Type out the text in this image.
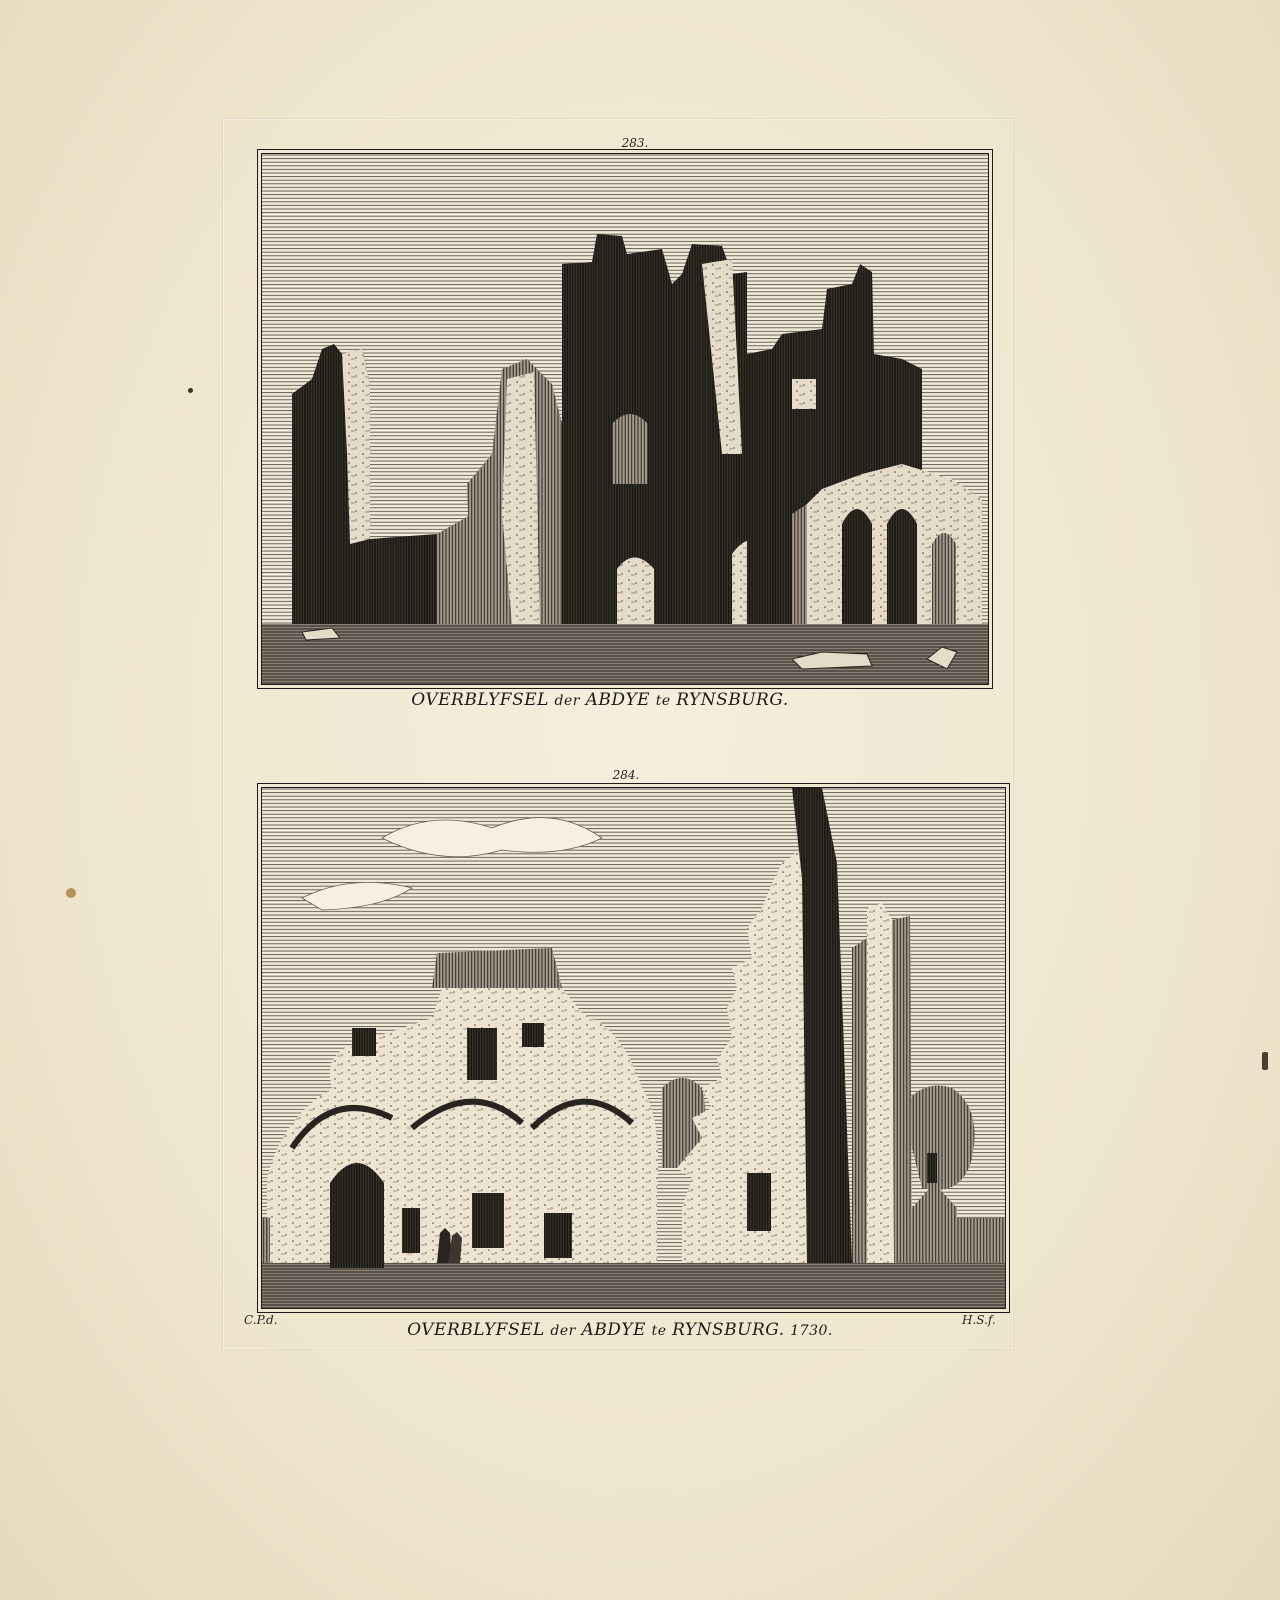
283.
OVERBLYFSEL der ABDYE te RYNSBURG.
284.
C.P.d.	H.S.f.
OVERBLYFSEL der ABDYE te RYNSBURG. 1730.
